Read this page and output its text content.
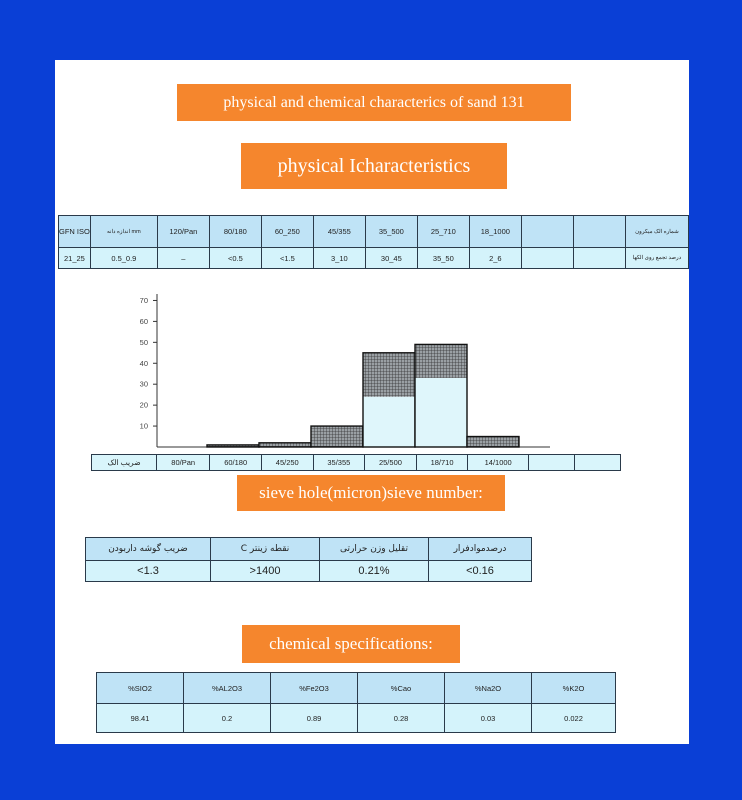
physical and chemical characterics of sand 131
physical Icharacteristics
GFN ISO	اندازه دانه mm	120/Pan	80/180	60_250	45/355	35_500	25_710	18_1000			شماره الک میکرون
21_25	0.5_0.9	–	<0.5	<1.5	3_10	30_45	35_50	2_6			درصد تجمع روی الکها
10
20
30
40
50
60
70
ضریب الک	80/Pan	60/180	45/250	35/355	25/500	18/710	14/1000		
sieve hole(micron)sieve number:
ضریب گوشه داربودن	C نقطه زینتر	تقلیل وزن حرارتی	درصدموادفرار
<1.3	>1400	0.21%	<0.16
chemical specifications:
%SIO2	%AL2O3	%Fe2O3	%Cao	%Na2O	%K2O
98.41	0.2	0.89	0.28	0.03	0.022
